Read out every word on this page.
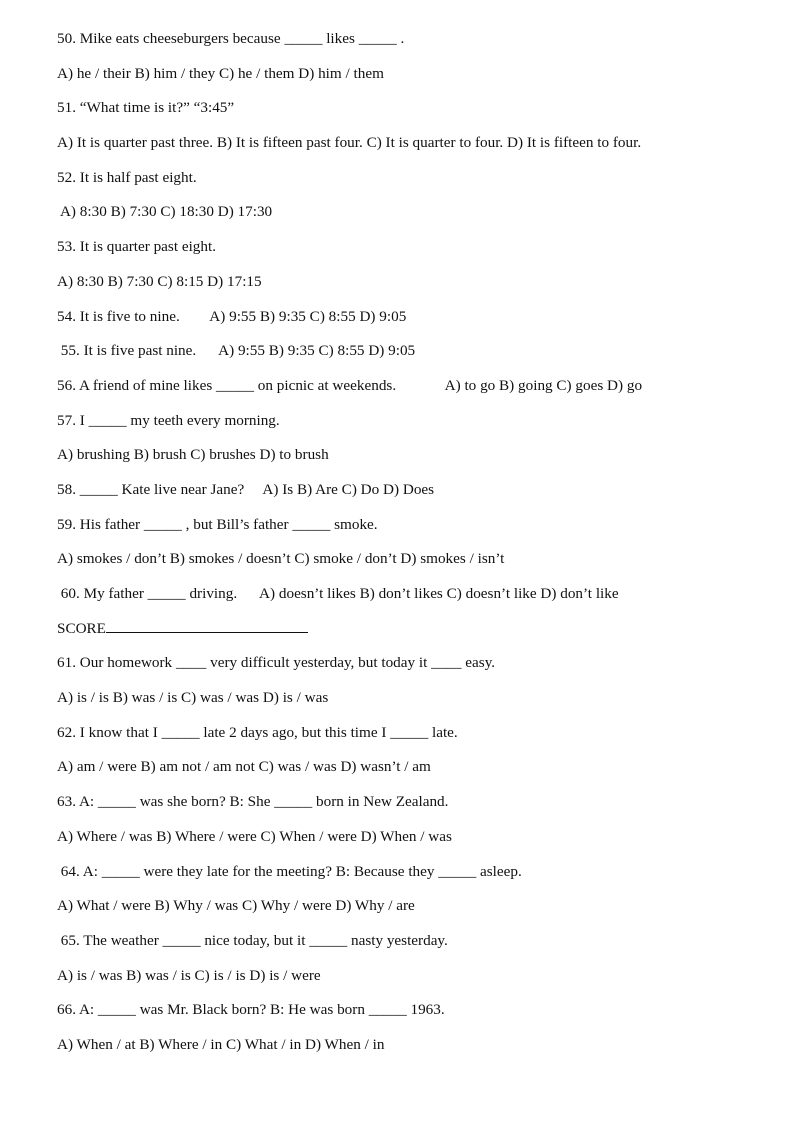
50. Mike eats cheeseburgers because _____ likes _____ .
A) he / their B) him / they C) he / them D) him / them
51. “What time is it?” “3:45”
A) It is quarter past three. B) It is fifteen past four. C) It is quarter to four. D) It is fifteen to four.
52. It is half past eight.
A) 8:30 B) 7:30 C) 18:30 D) 17:30
53. It is quarter past eight.
A) 8:30 B) 7:30 C) 8:15 D) 17:15
54. It is five to nine.        A) 9:55 B) 9:35 C) 8:55 D) 9:05
55. It is five past nine.      A) 9:55 B) 9:35 C) 8:55 D) 9:05
56. A friend of mine likes _____ on picnic at weekends.             A) to go B) going C) goes D) go
57. I _____ my teeth every morning.
A) brushing B) brush C) brushes D) to brush
58. _____ Kate live near Jane?     A) Is B) Are C) Do D) Does
59. His father _____ , but Bill’s father _____ smoke.
A) smokes / don’t B) smokes / doesn’t C) smoke / don’t D) smokes / isn’t
60. My father _____ driving.      A) doesn’t likes B) don’t likes C) doesn’t like D) don’t like
SCORE
61. Our homework ____ very difficult yesterday, but today it ____ easy.
A) is / is B) was / is C) was / was D) is / was
62. I know that I _____ late 2 days ago, but this time I _____ late.
A) am / were B) am not / am not C) was / was D) wasn’t / am
63. A: _____ was she born? B: She _____ born in New Zealand.
A) Where / was B) Where / were C) When / were D) When / was
64. A: _____ were they late for the meeting? B: Because they _____ asleep.
A) What / were B) Why / was C) Why / were D) Why / are
65. The weather _____ nice today, but it _____ nasty yesterday.
A) is / was B) was / is C) is / is D) is / were
66. A: _____ was Mr. Black born? B: He was born _____ 1963.
A) When / at B) Where / in C) What / in D) When / in
